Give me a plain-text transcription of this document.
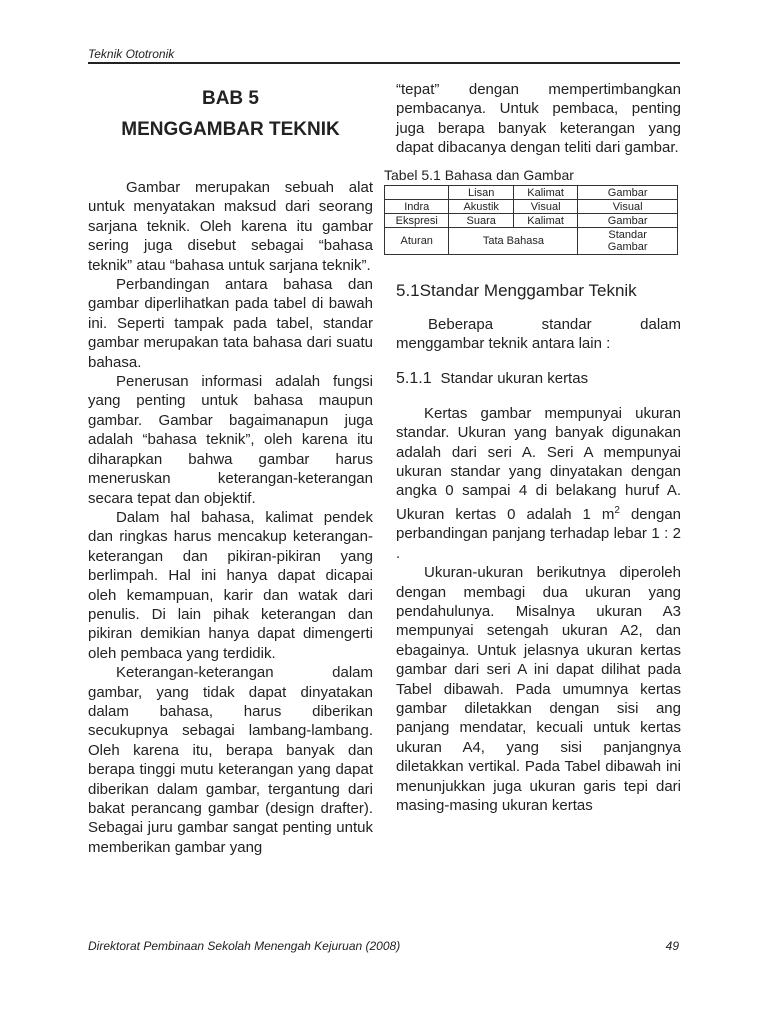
Teknik Ototronik
BAB 5
MENGGAMBAR TEKNIK

Gambar merupakan sebuah alat untuk menyatakan maksud dari seorang sarjana teknik. Oleh karena itu gambar sering juga disebut sebagai “bahasa teknik” atau “bahasa untuk sarjana teknik”.

Perbandingan antara bahasa dan gambar diperlihatkan pada tabel di bawah ini. Seperti tampak pada tabel, standar gambar merupakan tata bahasa dari suatu bahasa.

Penerusan informasi adalah fungsi yang penting untuk bahasa maupun gambar. Gambar bagaimanapun juga adalah “bahasa teknik”, oleh karena itu diharapkan bahwa gambar harus meneruskan keterangan-keterangan secara tepat dan objektif.

Dalam hal bahasa, kalimat pendek dan ringkas harus mencakup keterangan-keterangan dan pikiran-pikiran yang berlimpah. Hal ini hanya dapat dicapai oleh kemampuan, karir dan watak dari penulis. Di lain pihak keterangan dan pikiran demikian hanya dapat dimengerti oleh pembaca yang terdidik.

Keterangan-keterangan dalam gambar, yang tidak dapat dinyatakan dalam bahasa, harus diberikan secukupnya sebagai lambang-lambang. Oleh karena itu, berapa banyak dan berapa tinggi mutu keterangan yang dapat diberikan dalam gambar, tergantung dari bakat perancang gambar (design drafter). Sebagai juru gambar sangat penting untuk memberikan gambar yang

“tepat” dengan mempertimbangkan pembacanya. Untuk pembaca, penting juga berapa banyak keterangan yang dapat dibacanya dengan teliti dari gambar.

Tabel 5.1 Bahasa dan Gambar
	Lisan	Kalimat	Gambar
Indra	Akustik	Visual	Visual
Ekspresi	Suara	Kalimat	Gambar
Aturan	Tata Bahasa		Standar Gambar
5.1Standar Menggambar Teknik

Beberapa standar dalam menggambar teknik antara lain :

5.1.1 Standar ukuran kertas

Kertas gambar mempunyai ukuran standar. Ukuran yang banyak digunakan adalah dari seri A. Seri A mempunyai ukuran standar yang dinyatakan dengan angka 0 sampai 4 di belakang huruf A. Ukuran kertas 0 adalah 1 $m^2$ dengan perbandingan panjang terhadap lebar 1 : 2 .

Ukuran-ukuran berikutnya diperoleh dengan membagi dua ukuran yang pendahulunya. Misalnya ukuran A3 mempunyai setengah ukuran A2, dan ebagainya. Untuk jelasnya ukuran kertas gambar dari seri A ini dapat dilihat pada Tabel dibawah. Pada umumnya kertas gambar diletakkan dengan sisi ang panjang mendatar, kecuali untuk kertas ukuran A4, yang sisi panjangnya diletakkan vertikal. Pada Tabel dibawah ini menunjukkan juga ukuran garis tepi dari masing-masing ukuran kertas

Direktorat Pembinaan Sekolah Menengah Kejuruan (2008)	49
